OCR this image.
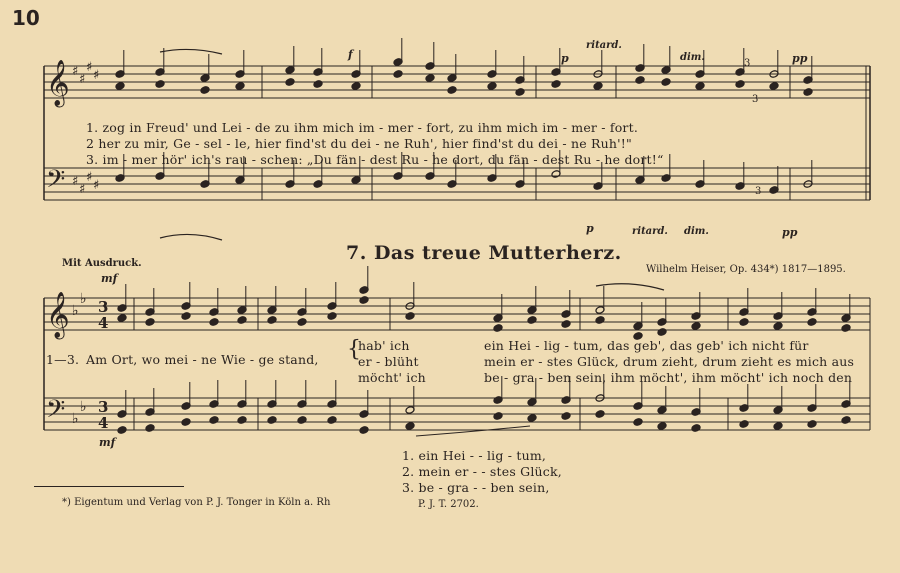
10
𝄞
𝄢
♯
♯
♯
♯
♯
♯
♯
♯
𝄞
𝄢
♭
♭
♭
♭
3
4
3
4
1. zog in Freud' und Lei - de zu ihm mich im - mer - fort, zu ihm mich im - mer - fort.
2 her zu mir, Ge - sel - le, hier find'st du dei - ne Ruh', hier find'st du dei - ne Ruh'!"
3. im - mer hör' ich's rau - schen: „Du fän - dest Ru - he dort, du fän - dest Ru - he dort!“
f	p
ritard.
dim.	pp
3
3
p	ritard. dim.
3
pp
Mit Ausdruck.	7. Das treue Mutterherz.
Wilhelm Heiser, Op. 434*) 1817—1895.
mf
mf
1—3. Am Ort, wo mei - ne Wie - ge stand, {
hab' ich
er - blüht
möcht' ich
ein Hei - lig - tum, das geb', das geb' ich nicht für
mein er - stes Glück, drum zieht, drum zieht es mich aus
be - gra - ben sein, ihm möcht', ihm möcht' ich noch den
1. ein Hei - - lig - tum,
2. mein er - - stes Glück,
3. be - gra - - ben sein,
*) Eigentum und Verlag von P. J. Tonger in Köln a. Rh	P. J. T. 2702.
